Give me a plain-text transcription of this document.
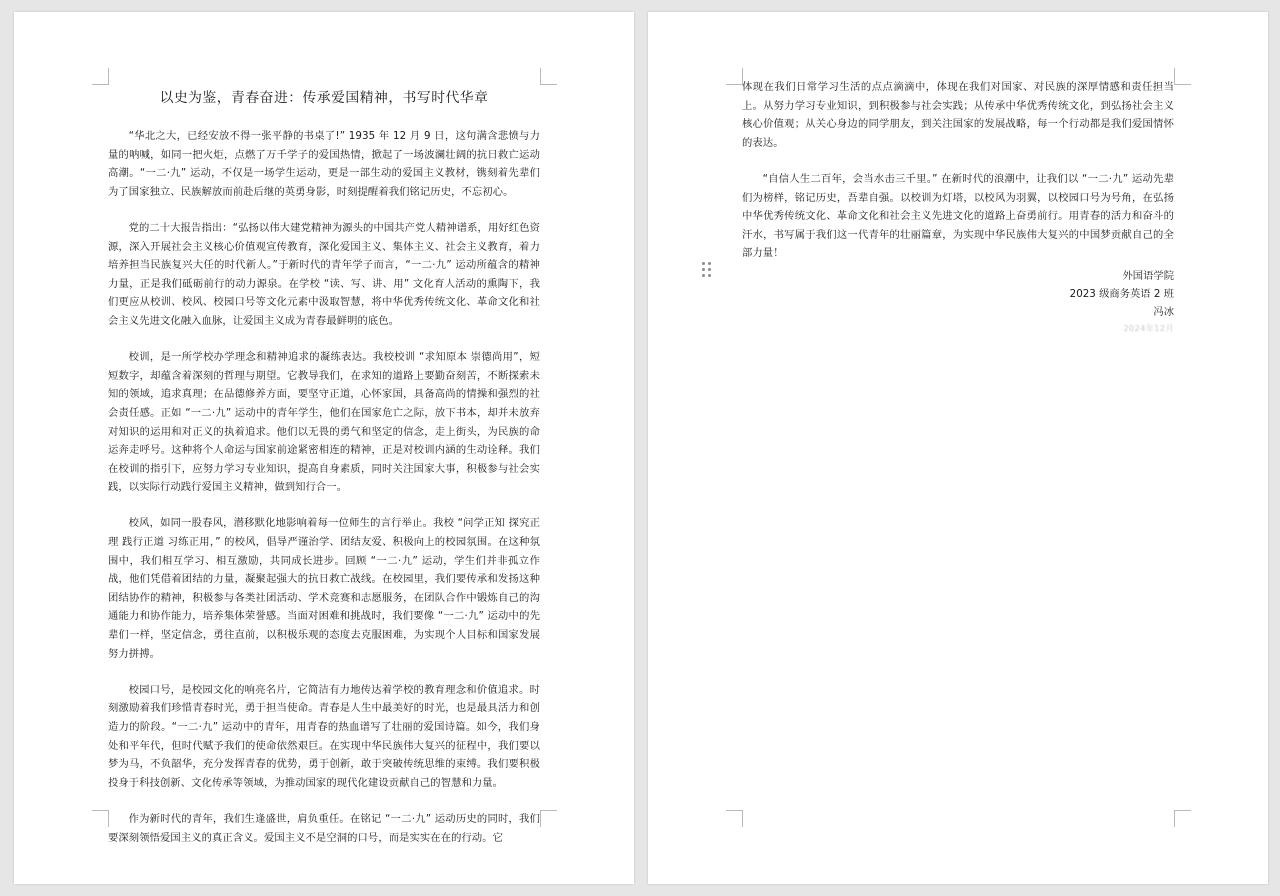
以史为鉴，青春奋进：传承爱国精神，书写时代华章

“华北之大，已经安放不得一张平静的书桌了!” 1935 年 12 月 9 日，这句满含悲愤与力量的呐喊，如同一把火炬，点燃了万千学子的爱国热情，掀起了一场波澜壮阔的抗日救亡运动高潮。“一二·九” 运动，不仅是一场学生运动，更是一部生动的爱国主义教材，镌刻着先辈们为了国家独立、民族解放而前赴后继的英勇身影，时刻提醒着我们铭记历史，不忘初心。

党的二十大报告指出：“弘扬以伟大建党精神为源头的中国共产党人精神谱系，用好红色资源，深入开展社会主义核心价值观宣传教育，深化爱国主义、集体主义、社会主义教育，着力培养担当民族复兴大任的时代新人。”于新时代的青年学子而言，“一二·九” 运动所蕴含的精神力量，正是我们砥砺前行的动力源泉。在学校 “读、写、讲、用” 文化育人活动的熏陶下，我们更应从校训、校风、校园口号等文化元素中汲取智慧，将中华优秀传统文化、革命文化和社会主义先进文化融入血脉，让爱国主义成为青春最鲜明的底色。

校训，是一所学校办学理念和精神追求的凝练表达。我校校训 “求知原本 崇德尚用”，短短数字，却蕴含着深刻的哲理与期望。它教导我们，在求知的道路上要勤奋刻苦，不断探索未知的领域，追求真理；在品德修养方面，要坚守正道，心怀家国，具备高尚的情操和强烈的社会责任感。正如 “一二·九” 运动中的青年学生，他们在国家危亡之际，放下书本，却并未放弃对知识的运用和对正义的执着追求。他们以无畏的勇气和坚定的信念，走上街头，为民族的命运奔走呼号。这种将个人命运与国家前途紧密相连的精神，正是对校训内涵的生动诠释。我们在校训的指引下，应努力学习专业知识，提高自身素质，同时关注国家大事，积极参与社会实践，以实际行动践行爱国主义精神，做到知行合一。

校风，如同一股春风，潜移默化地影响着每一位师生的言行举止。我校 “问学正知 探究正理 践行正道 习练正用，” 的校风，倡导严谨治学、团结友爱、积极向上的校园氛围。在这种氛围中，我们相互学习、相互激励，共同成长进步。回顾 “一二·九” 运动，学生们并非孤立作战，他们凭借着团结的力量，凝聚起强大的抗日救亡战线。在校园里，我们要传承和发扬这种团结协作的精神，积极参与各类社团活动、学术竞赛和志愿服务，在团队合作中锻炼自己的沟通能力和协作能力，培养集体荣誉感。当面对困难和挑战时，我们要像 “一二·九” 运动中的先辈们一样，坚定信念，勇往直前，以积极乐观的态度去克服困难，为实现个人目标和国家发展努力拼搏。

校园口号，是校园文化的响亮名片，它简洁有力地传达着学校的教育理念和价值追求。时刻激励着我们珍惜青春时光，勇于担当使命。青春是人生中最美好的时光，也是最具活力和创造力的阶段。“一二·九” 运动中的青年，用青春的热血谱写了壮丽的爱国诗篇。如今，我们身处和平年代，但时代赋予我们的使命依然艰巨。在实现中华民族伟大复兴的征程中，我们要以梦为马，不负韶华，充分发挥青春的优势，勇于创新，敢于突破传统思维的束缚。我们要积极投身于科技创新、文化传承等领域，为推动国家的现代化建设贡献自己的智慧和力量。

作为新时代的青年，我们生逢盛世，肩负重任。在铭记 “一二·九” 运动历史的同时，我们要深刻领悟爱国主义的真正含义。爱国主义不是空洞的口号，而是实实在在的行动。它

体现在我们日常学习生活的点点滴滴中，体现在我们对国家、对民族的深厚情感和责任担当上。从努力学习专业知识，到积极参与社会实践；从传承中华优秀传统文化，到弘扬社会主义核心价值观；从关心身边的同学朋友，到关注国家的发展战略，每一个行动都是我们爱国情怀的表达。

“自信人生二百年，会当水击三千里。” 在新时代的浪潮中，让我们以 “一二·九” 运动先辈们为榜样，铭记历史，吾辈自强。以校训为灯塔，以校风为羽翼，以校园口号为号角，在弘扬中华优秀传统文化、革命文化和社会主义先进文化的道路上奋勇前行。用青春的活力和奋斗的汗水，书写属于我们这一代青年的壮丽篇章，为实现中华民族伟大复兴的中国梦贡献自己的全部力量！

外国语学院
2023 级商务英语 2 班
冯冰
2024年12月
